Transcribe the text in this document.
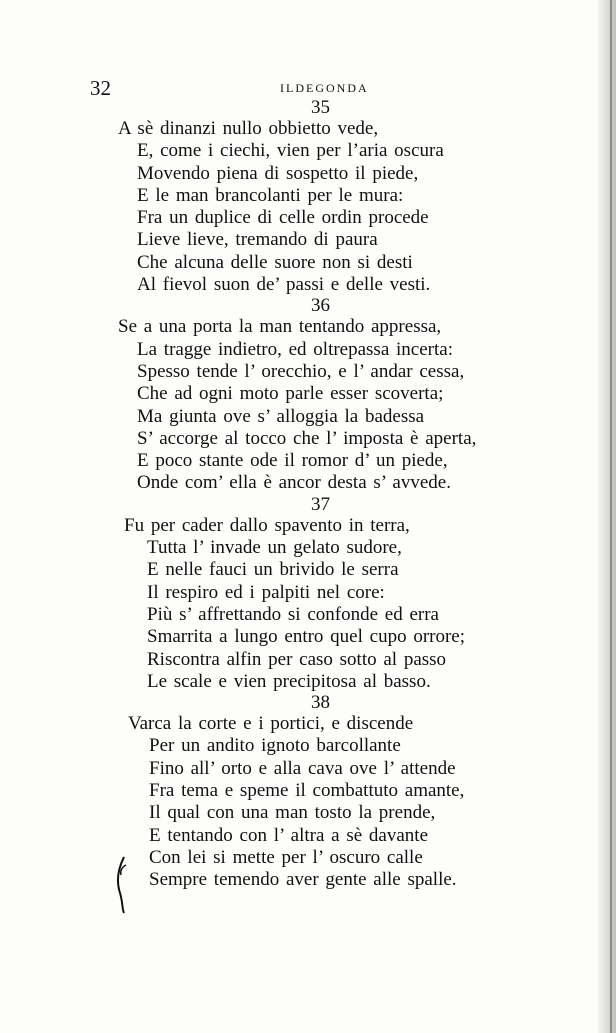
32	ILDEGONDA
35
A sè dinanzi nullo obbietto vede,
E, come i ciechi, vien per l’aria oscura
Movendo piena di sospetto il piede,
E le man brancolanti per le mura:
Fra un duplice di celle ordin procede
Lieve lieve, tremando di paura
Che alcuna delle suore non si desti
Al fievol suon de’ passi e delle vesti.
36
Se a una porta la man tentando appressa,
La tragge indietro, ed oltrepassa incerta:
Spesso tende l’ orecchio, e l’ andar cessa,
Che ad ogni moto parle esser scoverta;
Ma giunta ove s’ alloggia la badessa
S’ accorge al tocco che l’ imposta è aperta,
E poco stante ode il romor d’ un piede,
Onde com’ ella è ancor desta s’ avvede.
37
Fu per cader dallo spavento in terra,
Tutta l’ invade un gelato sudore,
E nelle fauci un brivido le serra
Il respiro ed i palpiti nel core:
Più s’ affrettando si confonde ed erra
Smarrita a lungo entro quel cupo orrore;
Riscontra alfin per caso sotto al passo
Le scale e vien precipitosa al basso.
38
Varca la corte e i portici, e discende
Per un andito ignoto barcollante
Fino all’ orto e alla cava ove l’ attende
Fra tema e speme il combattuto amante,
Il qual con una man tosto la prende,
E tentando con l’ altra a sè davante
Con lei si mette per l’ oscuro calle
Sempre temendo aver gente alle spalle.
